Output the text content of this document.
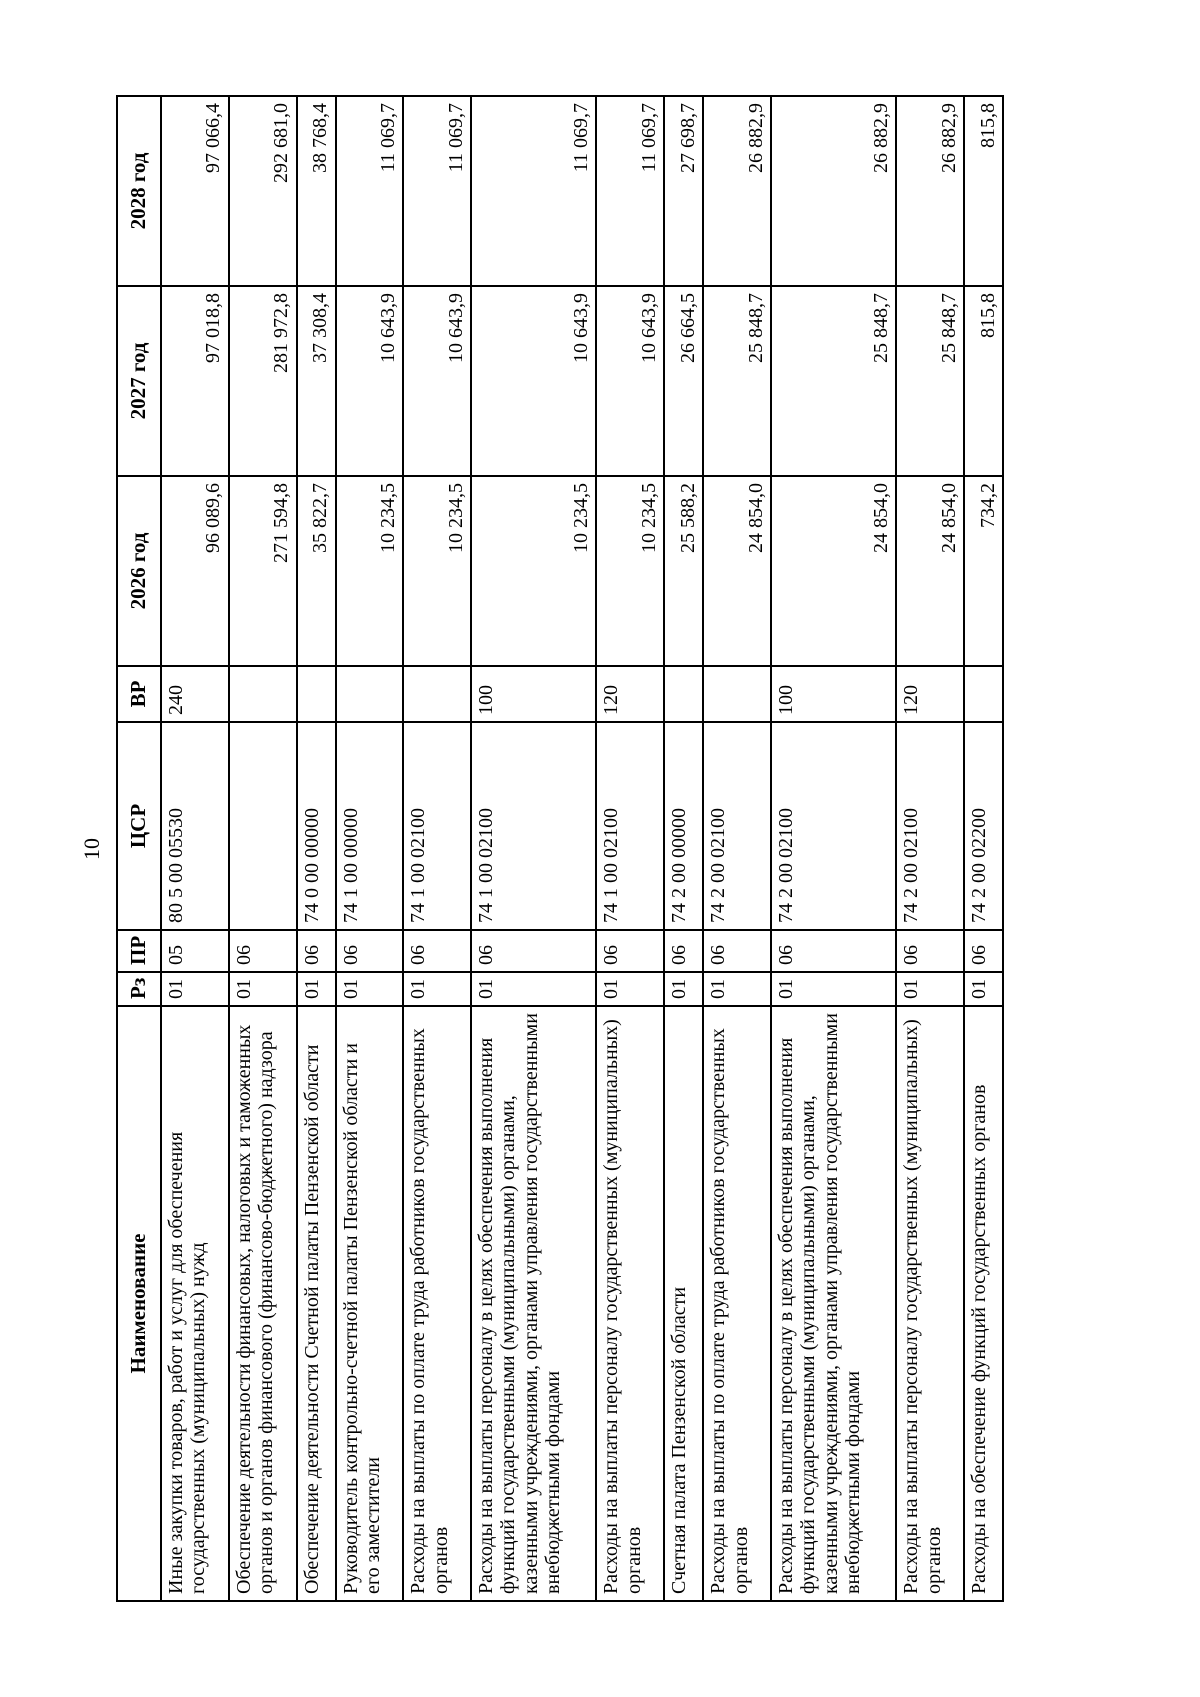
10
Наименование	Рз	ПР	ЦСР	ВР	2026 год	2027 год	2028 год
Иные закупки товаров, работ и услуг для обеспечения государственных (муниципальных) нужд	01	05	80 5 00 05530	240	96 089,6	97 018,8	97 066,4
Обеспечение деятельности финансовых, налоговых и таможенных органов и органов финансового (финансово-бюджетного) надзора	01	06			271 594,8	281 972,8	292 681,0
Обеспечение деятельности Счетной палаты Пензенской области	01	06	74 0 00 00000		35 822,7	37 308,4	38 768,4
Руководитель контрольно-счетной палаты Пензенской области и его заместители	01	06	74 1 00 00000		10 234,5	10 643,9	11 069,7
Расходы на выплаты по оплате труда работников государственных органов	01	06	74 1 00 02100		10 234,5	10 643,9	11 069,7
Расходы на выплаты персоналу в целях обеспечения выполнения функций государственными (муниципальными) органами, казенными учреждениями, органами управления государственными внебюджетными фондами	01	06	74 1 00 02100	100	10 234,5	10 643,9	11 069,7
Расходы на выплаты персоналу государственных (муниципальных) органов	01	06	74 1 00 02100	120	10 234,5	10 643,9	11 069,7
Счетная палата Пензенской области	01	06	74 2 00 00000		25 588,2	26 664,5	27 698,7
Расходы на выплаты по оплате труда работников государственных органов	01	06	74 2 00 02100		24 854,0	25 848,7	26 882,9
Расходы на выплаты персоналу в целях обеспечения выполнения функций государственными (муниципальными) органами, казенными учреждениями, органами управления государственными внебюджетными фондами	01	06	74 2 00 02100	100	24 854,0	25 848,7	26 882,9
Расходы на выплаты персоналу государственных (муниципальных) органов	01	06	74 2 00 02100	120	24 854,0	25 848,7	26 882,9
Расходы на обеспечение функций государственных органов	01	06	74 2 00 02200		734,2	815,8	815,8
